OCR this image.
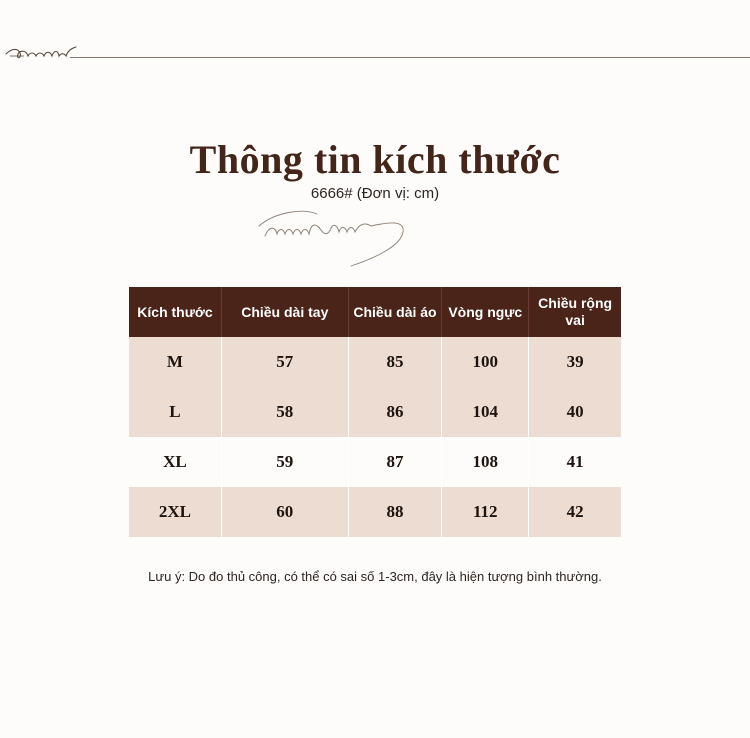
Thông tin kích thước
6666# (Đơn vị: cm)
Kích thước	Chiều dài tay	Chiều dài áo	Vòng ngực	Chiều rộng vai
M	57	85	100	39
L	58	86	104	40
XL	59	87	108	41
2XL	60	88	112	42
Lưu ý: Do đo thủ công, có thể có sai số 1-3cm, đây là hiện tượng bình thường.
